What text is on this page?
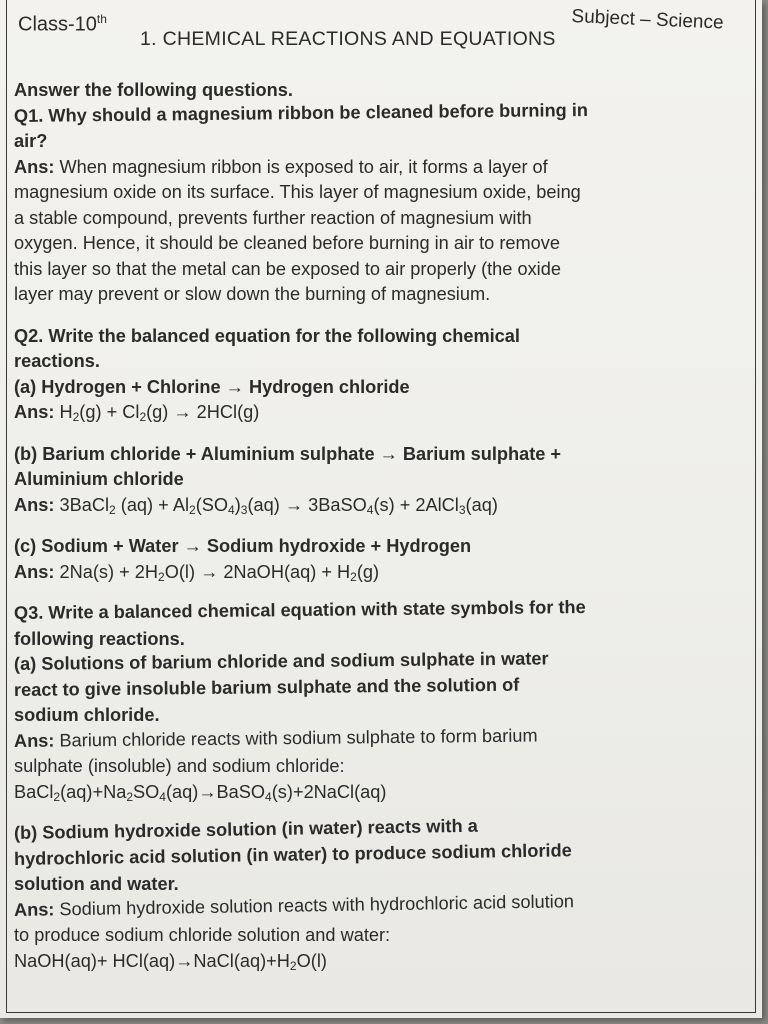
Class-10th	Subject – Science
1. CHEMICAL REACTIONS AND EQUATIONS
Answer the following questions.
Q1. Why should a magnesium ribbon be cleaned before burning in
air?
Ans: When magnesium ribbon is exposed to air, it forms a layer of
magnesium oxide on its surface. This layer of magnesium oxide, being
a stable compound, prevents further reaction of magnesium with
oxygen. Hence, it should be cleaned before burning in air to remove
this layer so that the metal can be exposed to air properly (the oxide
layer may prevent or slow down the burning of magnesium.
Q2. Write the balanced equation for the following chemical
reactions.
(a) Hydrogen + Chlorine → Hydrogen chloride
Ans: $H_2(g) + Cl_2(g) \to 2HCl(g)$
(b) Barium chloride + Aluminium sulphate → Barium sulphate +
Aluminium chloride
Ans: 3BaCl$_2$ $(aq) + Al_2(SO_4)_3(aq)$ → 3BaSO$_4$(s) + 2AlCl$_3$(aq)
(c) Sodium + Water → Sodium hydroxide + Hydrogen
Ans: $2Na(s) + 2H_2O(l)$ → 2NaOH(aq) + $H_2(g)$
Q3. Write a balanced chemical equation with state symbols for the
following reactions.
(a) Solutions of barium chloride and sodium sulphate in water
react to give insoluble barium sulphate and the solution of
sodium chloride.
Ans: Barium chloride reacts with sodium sulphate to form barium
sulphate (insoluble) and sodium chloride:
$BaCl_2(aq)+Na_2SO_4(aq)\to BaSO_4(s)+2NaCl(aq)$
(b) Sodium hydroxide solution (in water) reacts with a
hydrochloric acid solution (in water) to produce sodium chloride
solution and water.
Ans: Sodium hydroxide solution reacts with hydrochloric acid solution
to produce sodium chloride solution and water:
NaOH(aq)+ $HCl(aq)\to NaCl(aq)+H_2O(l)$
